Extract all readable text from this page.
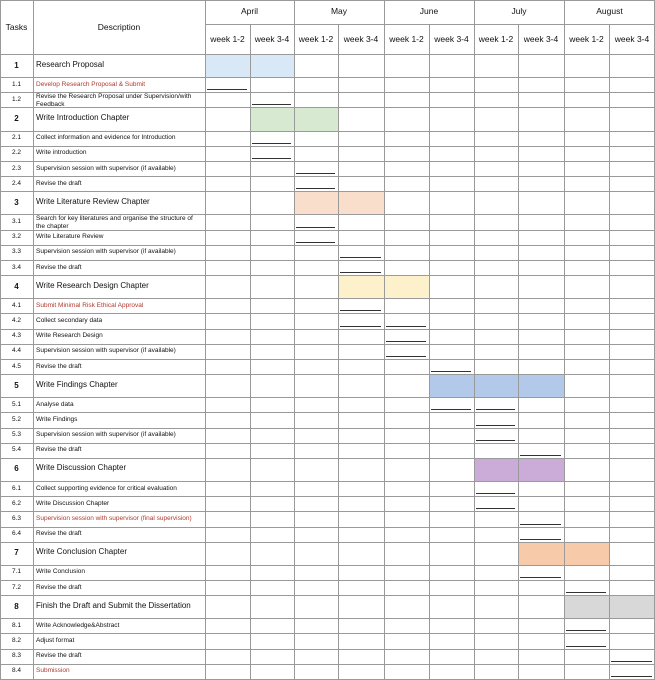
Tasks	Description
April	May	June	July	August
week 1-2	week 3-4	week 1-2	week 3-4	week 1-2	week 3-4	week 1-2	week 3-4	week 1-2	week 3-4
1	Research Proposal
1.1	Develop Research Proposal & Submit
1.2	Revise the Research Proposal under Supervision/with Feedback
2	Write Introduction Chapter
2.1	Collect information and evidence for Introduction
2.2	Write introduction
2.3	Supervision session with supervisor (if available)
2.4	Revise the draft
3	Write Literature Review Chapter
3.1	Search for key literatures and organise the structure of the chapter
3.2	Write Literature Review
3.3	Supervision session with supervisor (if available)
3.4	Revise the draft
4	Write Research Design Chapter
4.1	Submit Minimal Risk Ethical Approval
4.2	Collect secondary data
4.3	Write Research Design
4.4	Supervision session with supervisor (if available)
4.5	Revise the draft
5	Write Findings Chapter
5.1	Analyse data
5.2	Write Findings
5.3	Supervision session with supervisor (if available)
5.4	Revise the draft
6	Write Discussion Chapter
6.1	Collect supporting evidence for critical evaluation
6.2	Write Discussion Chapter
6.3	Supervision session with supervisor (final supervision)
6.4	Revise the draft
7	Write Conclusion Chapter
7.1	Write Conclusion
7.2	Revise the draft
8	Finish the Draft and Submit the Dissertation
8.1	Write Acknowledge&Abstract
8.2	Adjust format
8.3	Revise the draft
8.4	Submission
